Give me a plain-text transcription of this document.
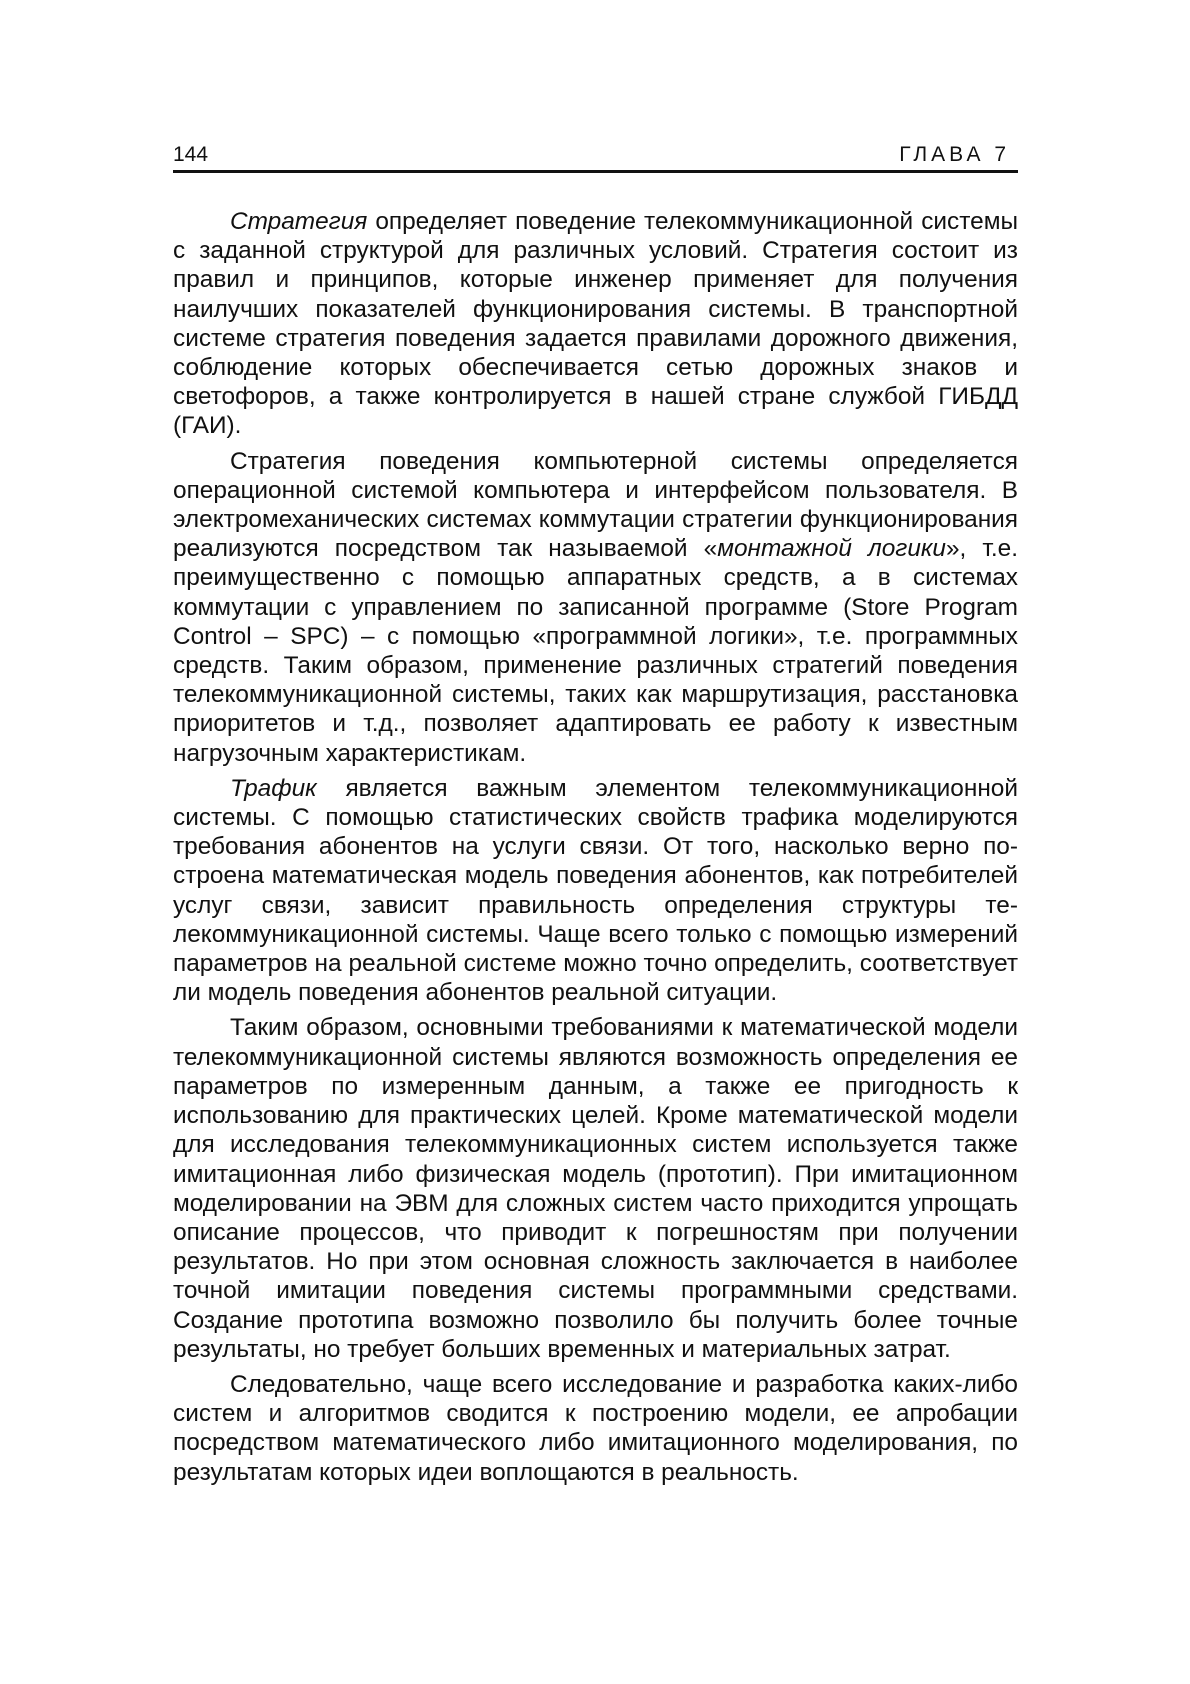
144	ГЛАВА 7

Стратегия определяет поведение телекоммуникационной системы с заданной структурой для различных условий. Стратегия состоит из правил и принципов, которые инженер применяет для получения наилучших показателей функционирования системы. В транспортной системе стратегия поведения задается правилами дорожного движения, соблюдение которых обеспечивается сетью дорожных знаков и светофоров, а также контролируется в нашей стране службой ГИБДД (ГАИ).

Стратегия поведения компьютерной системы определяется операционной системой компьютера и интерфейсом пользователя. В электромеханических системах коммутации стратегии функционирования реализуются посредством так называемой «монтажной логики», т.е. преимущественно с помощью аппаратных средств, а в системах коммутации с управлением по записанной программе (Store Program Control – SPC) – с помощью «программной логики», т.е. программных средств. Таким образом, применение различных стратегий поведения телекоммуникационной системы, таких как маршрутизация, расстановка приоритетов и т.д., позволяет адаптировать ее работу к известным нагрузочным характеристикам.

Трафик является важным элементом телекоммуникационной системы. С помощью статистических свойств трафика моделируются требования абонентов на услуги связи. От того, насколько верно построена математическая модель поведения абонентов, как потребителей услуг связи, зависит правильность определения структуры телекоммуникационной системы. Чаще всего только с помощью измерений параметров на реальной системе можно точно определить, соответствует ли модель поведения абонентов реальной ситуации.

Таким образом, основными требованиями к математической модели телекоммуникационной системы являются возможность определения ее параметров по измеренным данным, а также ее пригодность к использованию для практических целей. Кроме математической модели для исследования телекоммуникационных систем используется также имитационная либо физическая модель (прототип). При имитационном моделировании на ЭВМ для сложных систем часто приходится упрощать описание процессов, что приводит к погрешностям при получении результатов. Но при этом основная сложность заключается в наиболее точной имитации поведения системы программными средствами. Создание прототипа возможно позволило бы получить более точные результаты, но требует больших временных и материальных затрат.

Следовательно, чаще всего исследование и разработка каких-либо систем и алгоритмов сводится к построению модели, ее апробации посредством математического либо имитационного моделирования, по результатам которых идеи воплощаются в реальность.
